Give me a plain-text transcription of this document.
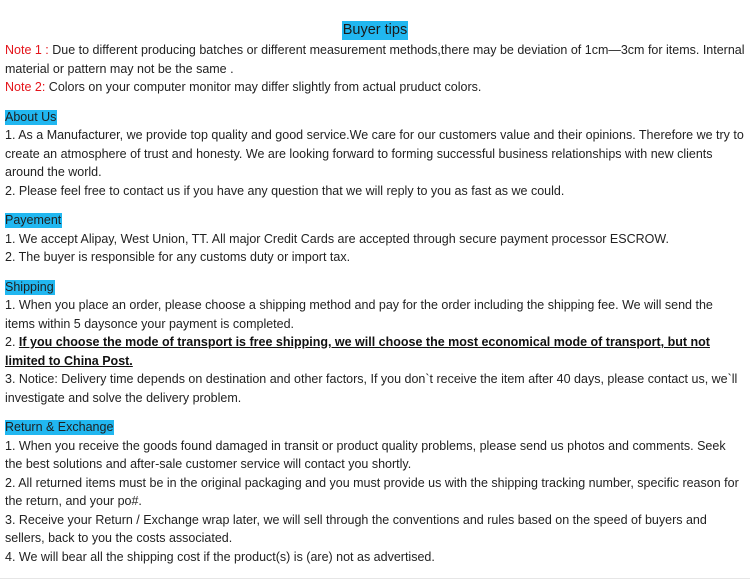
Buyer tips

Note 1 : Due to different producing batches or different measurement methods,there may be deviation of 1cm—3cm for items. Internal material or pattern may not be the same .

Note 2: Colors on your computer monitor may differ slightly from actual pruduct colors.

About Us

1. As a Manufacturer, we provide top quality and good service.We care for our customers value and their opinions. Therefore we try to create an atmosphere of trust and honesty. We are looking forward to forming successful business relationships with new clients around the world.

2. Please feel free to contact us if you have any question that we will reply to you as fast as we could.

Payement

1. We accept Alipay, West Union, TT. All major Credit Cards are accepted through secure payment processor ESCROW.

2. The buyer is responsible for any customs duty or import tax.

Shipping

1. When you place an order, please choose a shipping method and pay for the order including the shipping fee. We will send the items within 5 daysonce your payment is completed.

2. If you choose the mode of transport is free shipping, we will choose the most economical mode of transport, but not limited to China Post.

3. Notice: Delivery time depends on destination and other factors, If you don`t receive the item after 40 days, please contact us, we`ll investigate and solve the delivery problem.

Return & Exchange

1. When you receive the goods found damaged in transit or product quality problems, please send us photos and comments. Seek the best solutions and after-sale customer service will contact you shortly.

2. All returned items must be in the original packaging and you must provide us with the shipping tracking number, specific reason for the return, and your po#.

3. Receive your Return / Exchange wrap later, we will sell through the conventions and rules based on the speed of buyers and sellers, back to you the costs associated.

4. We will bear all the shipping cost if the product(s) is (are) not as advertised.
